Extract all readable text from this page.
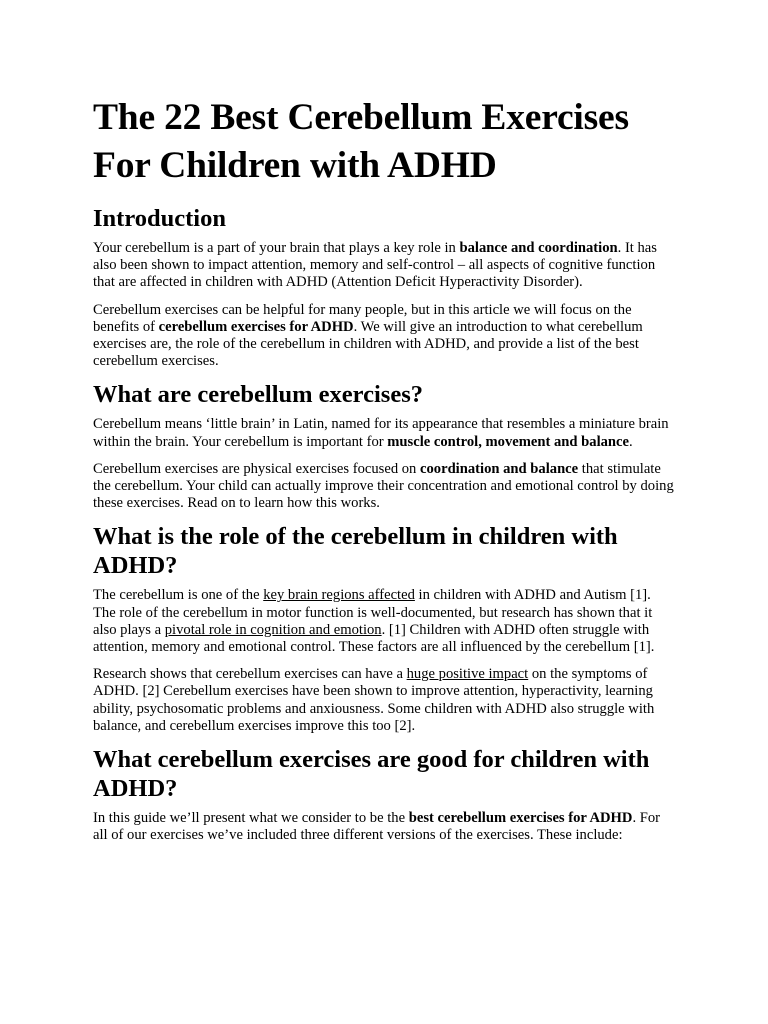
The 22 Best Cerebellum Exercises For Children with ADHD
Introduction

Your cerebellum is a part of your brain that plays a key role in balance and coordination. It has also been shown to impact attention, memory and self-control – all aspects of cognitive function that are affected in children with ADHD (Attention Deficit Hyperactivity Disorder).

Cerebellum exercises can be helpful for many people, but in this article we will focus on the benefits of cerebellum exercises for ADHD. We will give an introduction to what cerebellum exercises are, the role of the cerebellum in children with ADHD, and provide a list of the best cerebellum exercises.

What are cerebellum exercises?

Cerebellum means ‘little brain’ in Latin, named for its appearance that resembles a miniature brain within the brain. Your cerebellum is important for muscle control, movement and balance.

Cerebellum exercises are physical exercises focused on coordination and balance that stimulate the cerebellum. Your child can actually improve their concentration and emotional control by doing these exercises. Read on to learn how this works.

What is the role of the cerebellum in children with ADHD?

The cerebellum is one of the key brain regions affected in children with ADHD and Autism [1]. The role of the cerebellum in motor function is well-documented, but research has shown that it also plays a pivotal role in cognition and emotion. [1] Children with ADHD often struggle with attention, memory and emotional control. These factors are all influenced by the cerebellum [1].

Research shows that cerebellum exercises can have a huge positive impact on the symptoms of ADHD. [2] Cerebellum exercises have been shown to improve attention, hyperactivity, learning ability, psychosomatic problems and anxiousness. Some children with ADHD also struggle with balance, and cerebellum exercises improve this too [2].

What cerebellum exercises are good for children with ADHD?

In this guide we’ll present what we consider to be the best cerebellum exercises for ADHD. For all of our exercises we’ve included three different versions of the exercises. These include:
